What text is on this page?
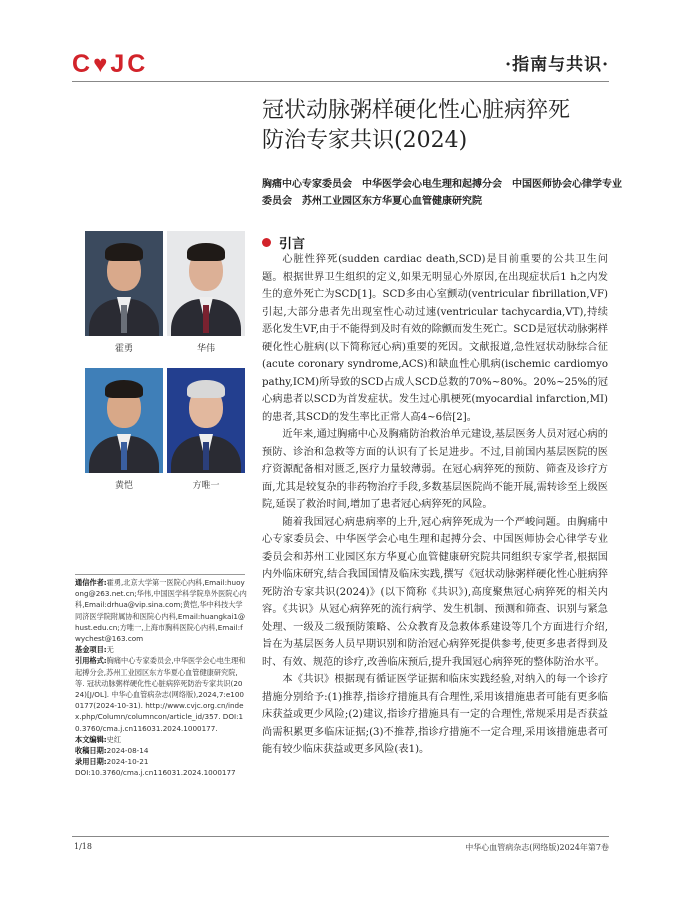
C ♥ J C	·指南与共识·
冠状动脉粥样硬化性心脏病猝死
防治专家共识(2024)
胸痛中心专家委员会　中华医学会心电生理和起搏分会　中国医师协会心律学专业委员会　苏州工业园区东方华夏心血管健康研究院
霍勇	华伟
黄恺	方唯一

通信作者:霍勇,北京大学第一医院心内科,Email:huoyong@263.net.cn;华伟,中国医学科学院阜外医院心内科,Email:drhua@vip.sina.com;黄恺,华中科技大学同济医学院附属协和医院心内科,Email:huangkai1@hust.edu.cn;方唯一,上海市胸科医院心内科,Email:fwychest@163.com

基金项目:无

引用格式:胸痛中心专家委员会,中华医学会心电生理和起搏分会,苏州工业园区东方华夏心血管健康研究院,等. 冠状动脉粥样硬化性心脏病猝死防治专家共识(2024)[J/OL]. 中华心血管病杂志(网络版),2024,7:e1000177(2024-10-31). http://www.cvjc.org.cn/index.php/Column/columncon/article_id/357. DOI:10.3760/cma.j.cn116031.2024.1000177.

本文编辑:史红

收稿日期:2024-08-14

录用日期:2024-10-21

DOI:10.3760/cma.j.cn116031.2024.1000177

引言

心脏性猝死(sudden cardiac death,SCD)是目前重要的公共卫生问题。根据世界卫生组织的定义,如果无明显心外原因,在出现症状后1 h之内发生的意外死亡为SCD[1]。SCD多由心室颤动(ventricular fibrillation,VF)引起,大部分患者先出现室性心动过速(ventricular tachycardia,VT),持续恶化发生VF,由于不能得到及时有效的除颤而发生死亡。SCD是冠状动脉粥样硬化性心脏病(以下简称冠心病)重要的死因。文献报道,急性冠状动脉综合征(acute coronary syndrome,ACS)和缺血性心肌病(ischemic cardiomyopathy,ICM)所导致的SCD占成人SCD总数的70%~80%。20%~25%的冠心病患者以SCD为首发症状。发生过心肌梗死(myocardial infarction,MI)的患者,其SCD的发生率比正常人高4~6倍[2]。

近年来,通过胸痛中心及胸痛防治救治单元建设,基层医务人员对冠心病的预防、诊治和急救等方面的认识有了长足进步。不过,目前国内基层医院的医疗资源配备相对匮乏,医疗力量较薄弱。在冠心病猝死的预防、筛查及诊疗方面,尤其是较复杂的非药物治疗手段,多数基层医院尚不能开展,需转诊至上级医院,延误了救治时间,增加了患者冠心病猝死的风险。

随着我国冠心病患病率的上升,冠心病猝死成为一个严峻问题。由胸痛中心专家委员会、中华医学会心电生理和起搏分会、中国医师协会心律学专业委员会和苏州工业园区东方华夏心血管健康研究院共同组织专家学者,根据国内外临床研究,结合我国国情及临床实践,撰写《冠状动脉粥样硬化性心脏病猝死防治专家共识(2024)》(以下简称《共识》),高度聚焦冠心病猝死的相关内容。《共识》从冠心病猝死的流行病学、发生机制、预测和筛查、识别与紧急处理、一级及二级预防策略、公众教育及急救体系建设等几个方面进行介绍,旨在为基层医务人员早期识别和防治冠心病猝死提供参考,使更多患者得到及时、有效、规范的诊疗,改善临床预后,提升我国冠心病猝死的整体防治水平。

本《共识》根据现有循证医学证据和临床实践经验,对纳入的每一个诊疗措施分别给予:(1)推荐,指诊疗措施具有合理性,采用该措施患者可能有更多临床获益或更少风险;(2)建议,指诊疗措施具有一定的合理性,常规采用是否获益尚需积累更多临床证据;(3)不推荐,指诊疗措施不一定合理,采用该措施患者可能有较少临床获益或更多风险(表1)。

1/18	中华心血管病杂志(网络版)2024年第7卷
